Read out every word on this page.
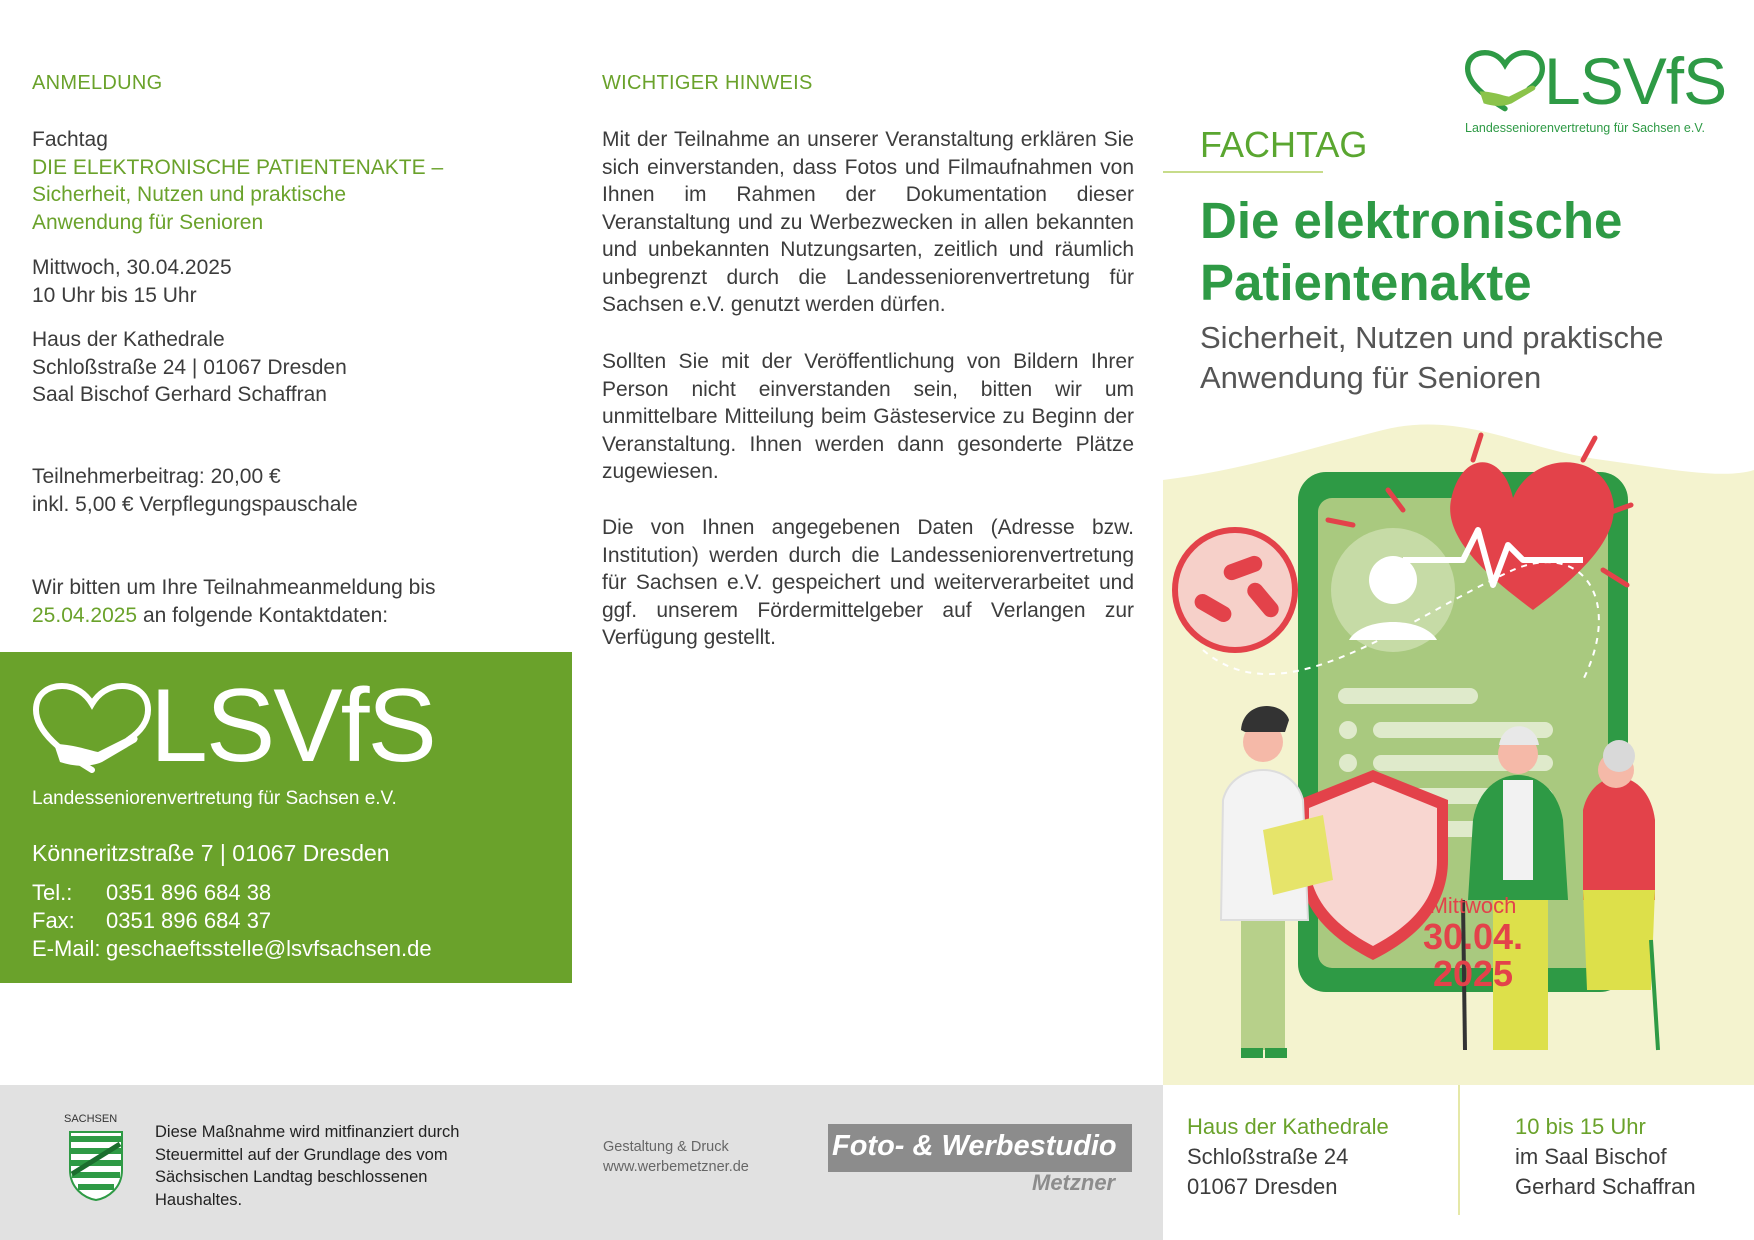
ANMELDUNG
Fachtag
DIE ELEKTRONISCHE PATIENTENAKTE –
Sicherheit, Nutzen und praktische
Anwendung für Senioren
Mittwoch, 30.04.2025
10 Uhr bis 15 Uhr
Haus der Kathedrale
Schloßstraße 24 | 01067 Dresden
Saal Bischof Gerhard Schaffran
Teilnehmerbeitrag: 20,00 €
inkl. 5,00 € Verpflegungspauschale
Wir bitten um Ihre Teilnahmeanmeldung bis
25.04.2025 an folgende Kontaktdaten:
LSVfS
Landesseniorenvertretung für Sachsen e.V.
Könneritzstraße 7 | 01067 Dresden
Tel.: 0351 896 684 38
Fax: 0351 896 684 37
E-Mail: geschaeftsstelle@lsvfsachsen.de
WICHTIGER HINWEIS
Mit der Teilnahme an unserer Veranstaltung erklären Sie sich einverstanden, dass Fotos und Filmaufnahmen von Ihnen im Rahmen der Dokumentation dieser Veranstaltung und zu Werbezwecken in allen bekannten und unbekannten Nutzungsarten, zeitlich und räumlich unbegrenzt durch die Landesseniorenvertretung für Sachsen e.V. genutzt werden dürfen.
Sollten Sie mit der Veröffentlichung von Bildern Ihrer Person nicht einverstanden sein, bitten wir um unmittelbare Mitteilung beim Gästeservice zu Beginn der Veranstaltung. Ihnen werden dann gesonderte Plätze zugewiesen.
Die von Ihnen angegebenen Daten (Adresse bzw. Institution) werden durch die Landesseniorenvertretung für Sachsen e.V. gespeichert und weiterverarbeitet und ggf. unserem Fördermittelgeber auf Verlangen zur Verfügung gestellt.
LSVfS
Landesseniorenvertretung für Sachsen e.V.
FACHTAG
Die elektronische
Patientenakte
Sicherheit, Nutzen und praktische
Anwendung für Senioren
Mittwoch
30.04.
2025
Haus der Kathedrale
Schloßstraße 24
01067 Dresden
10 bis 15 Uhr
im Saal Bischof
Gerhard Schaffran
SACHSEN
Diese Maßnahme wird mitfinanziert durch
Steuermittel auf der Grundlage des vom
Sächsischen Landtag beschlossenen
Haushaltes.
Gestaltung & Druck
www.werbemetzner.de
Foto- & Werbestudio
Metzner
